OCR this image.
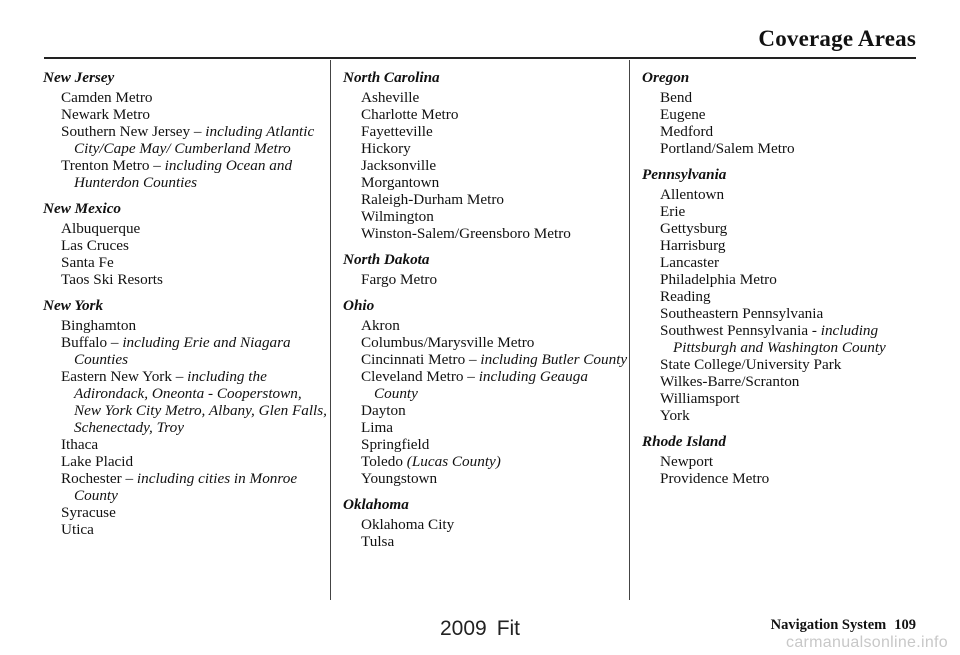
Coverage Areas
New Jersey
Camden Metro
Newark Metro
Southern New Jersey – including Atlantic City/Cape May/ Cumberland Metro
Trenton Metro – including Ocean and Hunterdon Counties
New Mexico
Albuquerque
Las Cruces
Santa Fe
Taos Ski Resorts
New York
Binghamton
Buffalo – including Erie and Niagara Counties
Eastern New York – including the Adirondack, Oneonta - Cooperstown, New York City Metro, Albany, Glen Falls, Schenectady, Troy
Ithaca
Lake Placid
Rochester – including cities in Monroe County
Syracuse
Utica
North Carolina
Asheville
Charlotte Metro
Fayetteville
Hickory
Jacksonville
Morgantown
Raleigh-Durham Metro
Wilmington
Winston-Salem/Greensboro Metro
North Dakota
Fargo Metro
Ohio
Akron
Columbus/Marysville Metro
Cincinnati Metro – including Butler County
Cleveland Metro – including Geauga County
Dayton
Lima
Springfield
Toledo (Lucas County)
Youngstown
Oklahoma
Oklahoma City
Tulsa
Oregon
Bend
Eugene
Medford
Portland/Salem Metro
Pennsylvania
Allentown
Erie
Gettysburg
Harrisburg
Lancaster
Philadelphia Metro
Reading
Southeastern Pennsylvania
Southwest Pennsylvania - including Pittsburgh and Washington County
State College/University Park
Wilkes-Barre/Scranton
Williamsport
York
Rhode Island
Newport
Providence Metro
2009 Fit	Navigation System 109
carmanualsonline.info
